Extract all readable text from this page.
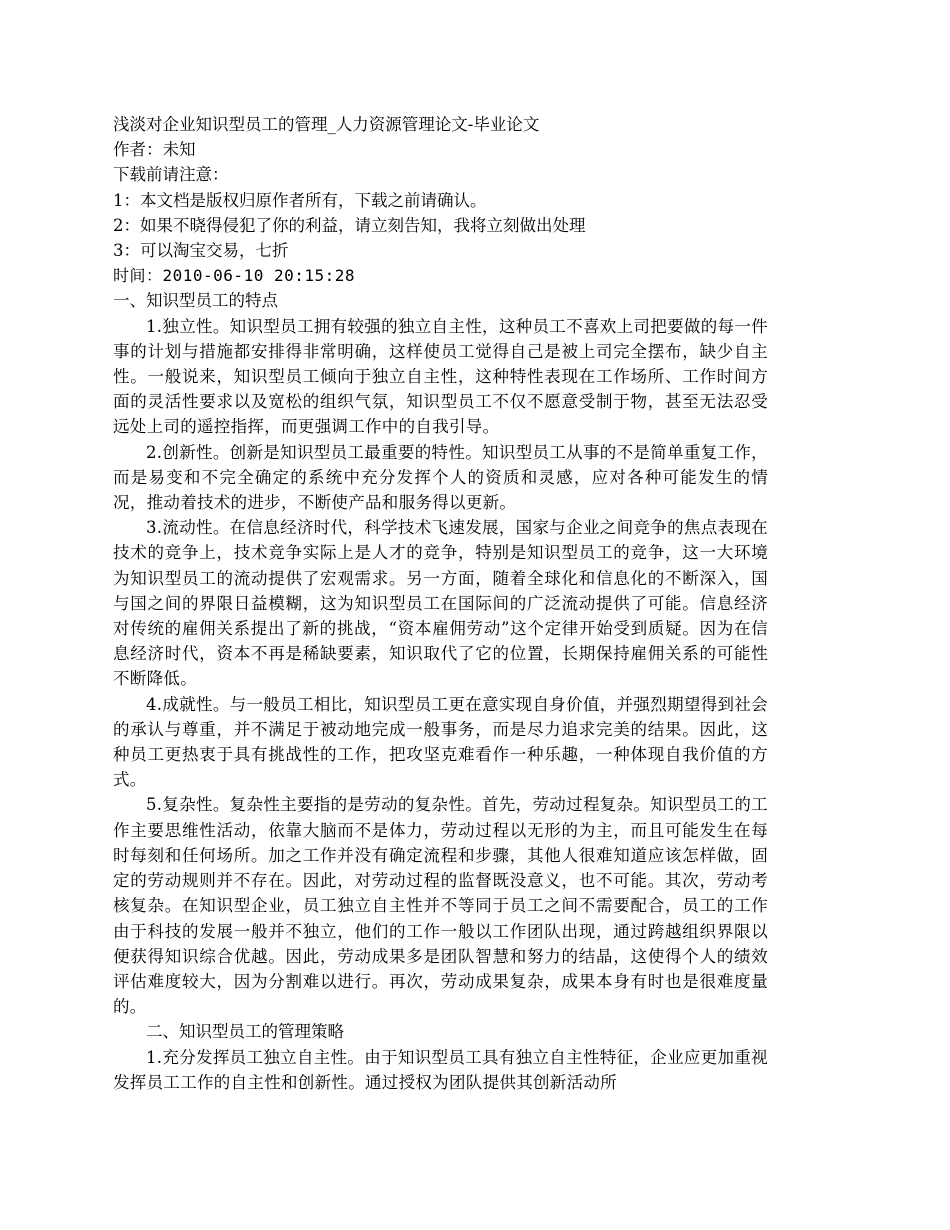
浅淡对企业知识型员工的管理_人力资源管理论文-毕业论文
作者：未知
下载前请注意：
1：本文档是版权归原作者所有，下载之前请确认。
2：如果不晓得侵犯了你的利益，请立刻告知，我将立刻做出处理
3：可以淘宝交易，七折
时间：2010-06-10 20:15:28
一、知识型员工的特点

1.独立性。知识型员工拥有较强的独立自主性，这种员工不喜欢上司把要做的每一件事的计划与措施都安排得非常明确，这样使员工觉得自己是被上司完全摆布，缺少自主性。一般说来，知识型员工倾向于独立自主性，这种特性表现在工作场所、工作时间方面的灵活性要求以及宽松的组织气氛，知识型员工不仅不愿意受制于物，甚至无法忍受远处上司的遥控指挥，而更强调工作中的自我引导。

2.创新性。创新是知识型员工最重要的特性。知识型员工从事的不是简单重复工作，而是易变和不完全确定的系统中充分发挥个人的资质和灵感，应对各种可能发生的情况，推动着技术的进步，不断使产品和服务得以更新。

3.流动性。在信息经济时代，科学技术飞速发展，国家与企业之间竞争的焦点表现在技术的竞争上，技术竞争实际上是人才的竞争，特别是知识型员工的竞争，这一大环境为知识型员工的流动提供了宏观需求。另一方面，随着全球化和信息化的不断深入，国与国之间的界限日益模糊，这为知识型员工在国际间的广泛流动提供了可能。信息经济对传统的雇佣关系提出了新的挑战，“资本雇佣劳动”这个定律开始受到质疑。因为在信息经济时代，资本不再是稀缺要素，知识取代了它的位置，长期保持雇佣关系的可能性不断降低。

4.成就性。与一般员工相比，知识型员工更在意实现自身价值，并强烈期望得到社会的承认与尊重，并不满足于被动地完成一般事务，而是尽力追求完美的结果。因此，这种员工更热衷于具有挑战性的工作，把攻坚克难看作一种乐趣，一种体现自我价值的方式。

5.复杂性。复杂性主要指的是劳动的复杂性。首先，劳动过程复杂。知识型员工的工作主要思维性活动，依靠大脑而不是体力，劳动过程以无形的为主，而且可能发生在每时每刻和任何场所。加之工作并没有确定流程和步骤，其他人很难知道应该怎样做，固定的劳动规则并不存在。因此，对劳动过程的监督既没意义，也不可能。其次，劳动考核复杂。在知识型企业，员工独立自主性并不等同于员工之间不需要配合，员工的工作由于科技的发展一般并不独立，他们的工作一般以工作团队出现，通过跨越组织界限以便获得知识综合优越。因此，劳动成果多是团队智慧和努力的结晶，这使得个人的绩效评估难度较大，因为分割难以进行。再次，劳动成果复杂，成果本身有时也是很难度量的。

二、知识型员工的管理策略

1.充分发挥员工独立自主性。由于知识型员工具有独立自主性特征，企业应更加重视发挥员工工作的自主性和创新性。通过授权为团队提供其创新活动所
